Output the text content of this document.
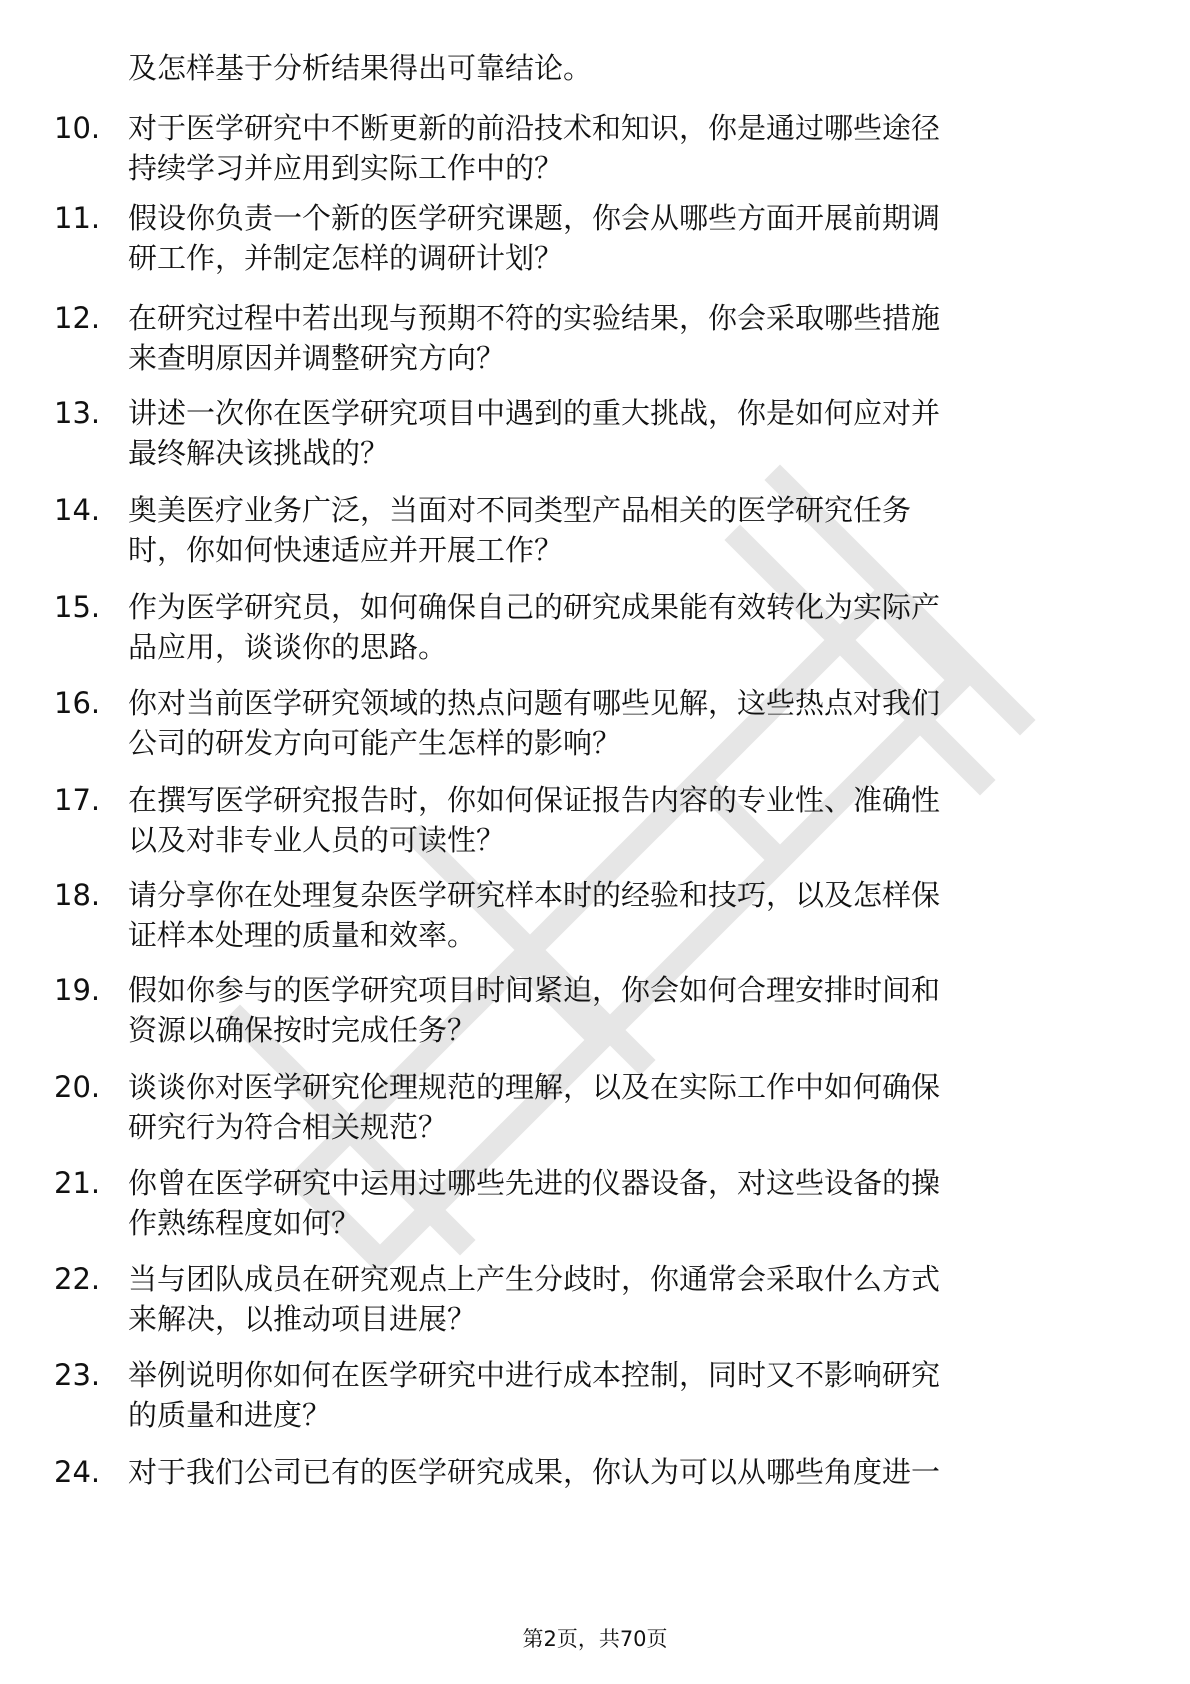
及怎样基于分析结果得出可靠结论。
10. 对于医学研究中不断更新的前沿技术和知识，你是通过哪些途径
持续学习并应用到实际工作中的？
11. 假设你负责一个新的医学研究课题，你会从哪些方面开展前期调
研工作，并制定怎样的调研计划？
12. 在研究过程中若出现与预期不符的实验结果，你会采取哪些措施
来查明原因并调整研究方向？
13. 讲述一次你在医学研究项目中遇到的重大挑战，你是如何应对并
最终解决该挑战的？
14. 奥美医疗业务广泛，当面对不同类型产品相关的医学研究任务
时，你如何快速适应并开展工作？
15. 作为医学研究员，如何确保自己的研究成果能有效转化为实际产
品应用，谈谈你的思路。
16. 你对当前医学研究领域的热点问题有哪些见解，这些热点对我们
公司的研发方向可能产生怎样的影响？
17. 在撰写医学研究报告时，你如何保证报告内容的专业性、准确性
以及对非专业人员的可读性？
18. 请分享你在处理复杂医学研究样本时的经验和技巧，以及怎样保
证样本处理的质量和效率。
19. 假如你参与的医学研究项目时间紧迫，你会如何合理安排时间和
资源以确保按时完成任务？
20. 谈谈你对医学研究伦理规范的理解，以及在实际工作中如何确保
研究行为符合相关规范？
21. 你曾在医学研究中运用过哪些先进的仪器设备，对这些设备的操
作熟练程度如何？
22. 当与团队成员在研究观点上产生分歧时，你通常会采取什么方式
来解决，以推动项目进展？
23. 举例说明你如何在医学研究中进行成本控制，同时又不影响研究
的质量和进度？
24. 对于我们公司已有的医学研究成果，你认为可以从哪些角度进一
第2页，共70页
